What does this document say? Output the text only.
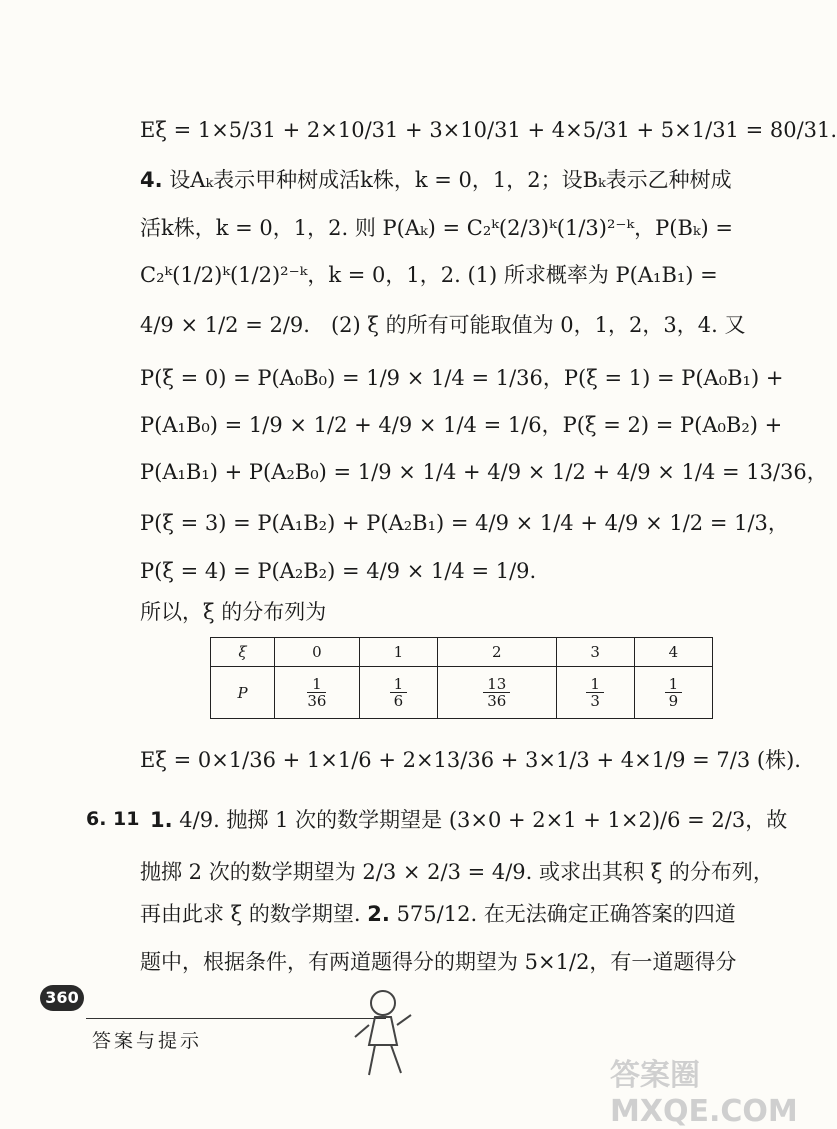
Eξ = 1×5/31 + 2×10/31 + 3×10/31 + 4×5/31 + 5×1/31 = 80/31.
4. 设Aₖ表示甲种树成活k株，k = 0，1，2；设Bₖ表示乙种树成
活k株，k = 0，1，2. 则 P(Aₖ) = C₂ᵏ(2/3)ᵏ(1/3)²⁻ᵏ，P(Bₖ) =
C₂ᵏ(1/2)ᵏ(1/2)²⁻ᵏ，k = 0，1，2. (1) 所求概率为 P(A₁B₁) =
4/9 × 1/2 = 2/9.　(2) ξ 的所有可能取值为 0，1，2，3，4. 又
P(ξ = 0) = P(A₀B₀) = 1/9 × 1/4 = 1/36，P(ξ = 1) = P(A₀B₁) +
P(A₁B₀) = 1/9 × 1/2 + 4/9 × 1/4 = 1/6，P(ξ = 2) = P(A₀B₂) +
P(A₁B₁) + P(A₂B₀) = 1/9 × 1/4 + 4/9 × 1/2 + 4/9 × 1/4 = 13/36，
P(ξ = 3) = P(A₁B₂) + P(A₂B₁) = 4/9 × 1/4 + 4/9 × 1/2 = 1/3，
P(ξ = 4) = P(A₂B₂) = 4/9 × 1/4 = 1/9.
所以，ξ 的分布列为
ξ	0	1	2	3	4
P	$\frac{1}{36}$	$\frac{1}{6}$	$\frac{13}{36}$	$\frac{1}{3}$	$\frac{1}{9}$
Eξ = 0×1/36 + 1×1/6 + 2×13/36 + 3×1/3 + 4×1/9 = 7/3 (株).
6. 11 1. 4/9. 抛掷 1 次的数学期望是 (3×0 + 2×1 + 1×2)/6 = 2/3，故
抛掷 2 次的数学期望为 2/3 × 2/3 = 4/9. 或求出其积 ξ 的分布列，
再由此求 ξ 的数学期望. 2. 575/12. 在无法确定正确答案的四道
题中，根据条件，有两道题得分的期望为 5×1/2，有一道题得分
360
答案与提示
答案圈 MXQE.COM
